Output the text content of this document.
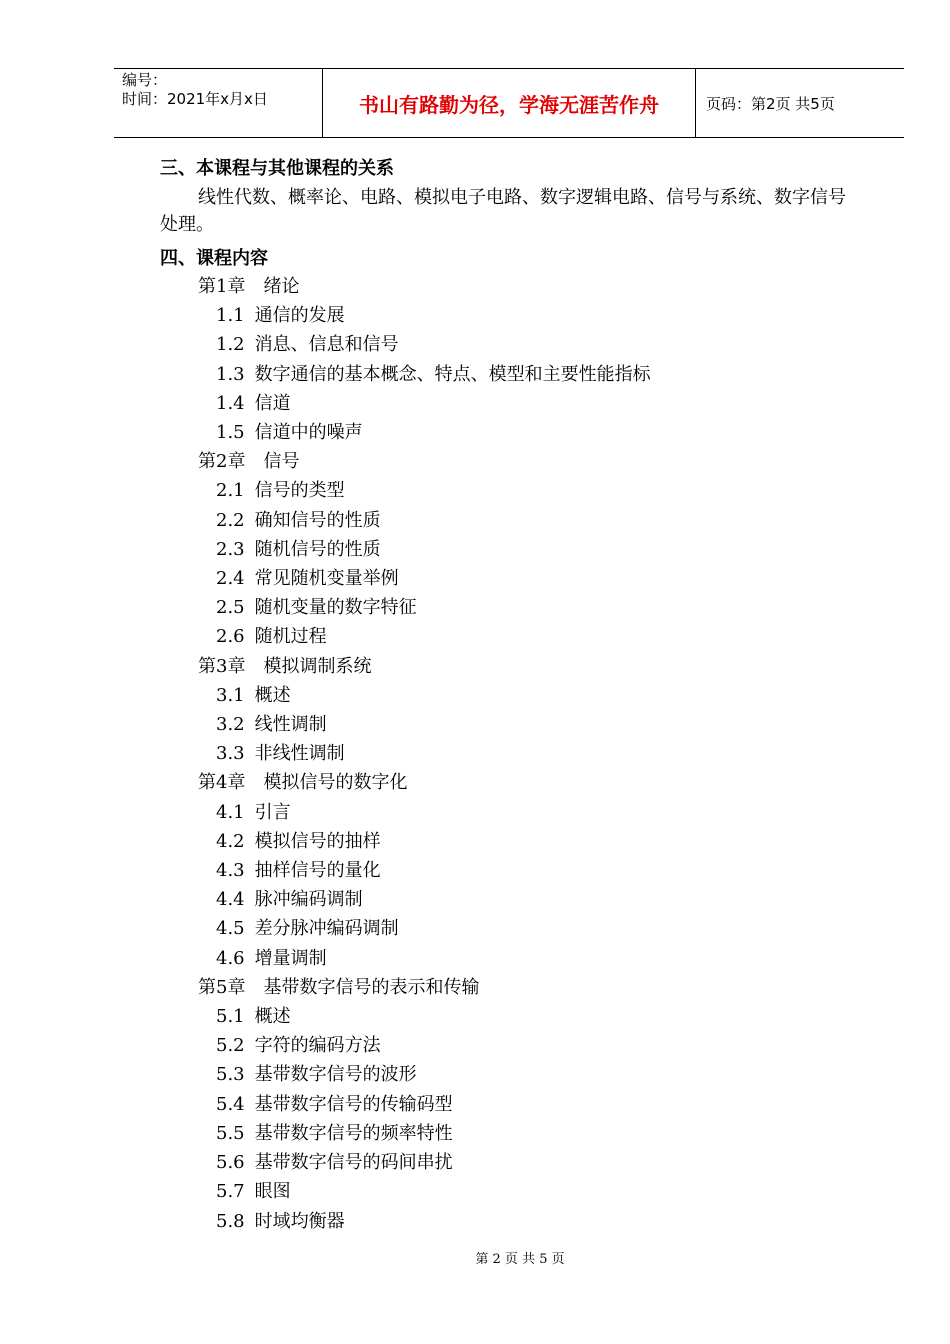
编号：
时间：2021年x月x日	书山有路勤为径，学海无涯苦作舟	页码：第2页 共5页
三、本课程与其他课程的关系
线性代数、概率论、电路、模拟电子电路、数字逻辑电路、信号与系统、数字信号处理。
四、课程内容
第1章 绪论
1.1 通信的发展
1.2 消息、信息和信号
1.3 数字通信的基本概念、特点、模型和主要性能指标
1.4 信道
1.5 信道中的噪声
第2章 信号
2.1 信号的类型
2.2 确知信号的性质
2.3 随机信号的性质
2.4 常见随机变量举例
2.5 随机变量的数字特征
2.6 随机过程
第3章 模拟调制系统
3.1 概述
3.2 线性调制
3.3 非线性调制
第4章 模拟信号的数字化
4.1 引言
4.2 模拟信号的抽样
4.3 抽样信号的量化
4.4 脉冲编码调制
4.5 差分脉冲编码调制
4.6 增量调制
第5章 基带数字信号的表示和传输
5.1 概述
5.2 字符的编码方法
5.3 基带数字信号的波形
5.4 基带数字信号的传输码型
5.5 基带数字信号的频率特性
5.6 基带数字信号的码间串扰
5.7 眼图
5.8 时域均衡器
第 2 页 共 5 页
